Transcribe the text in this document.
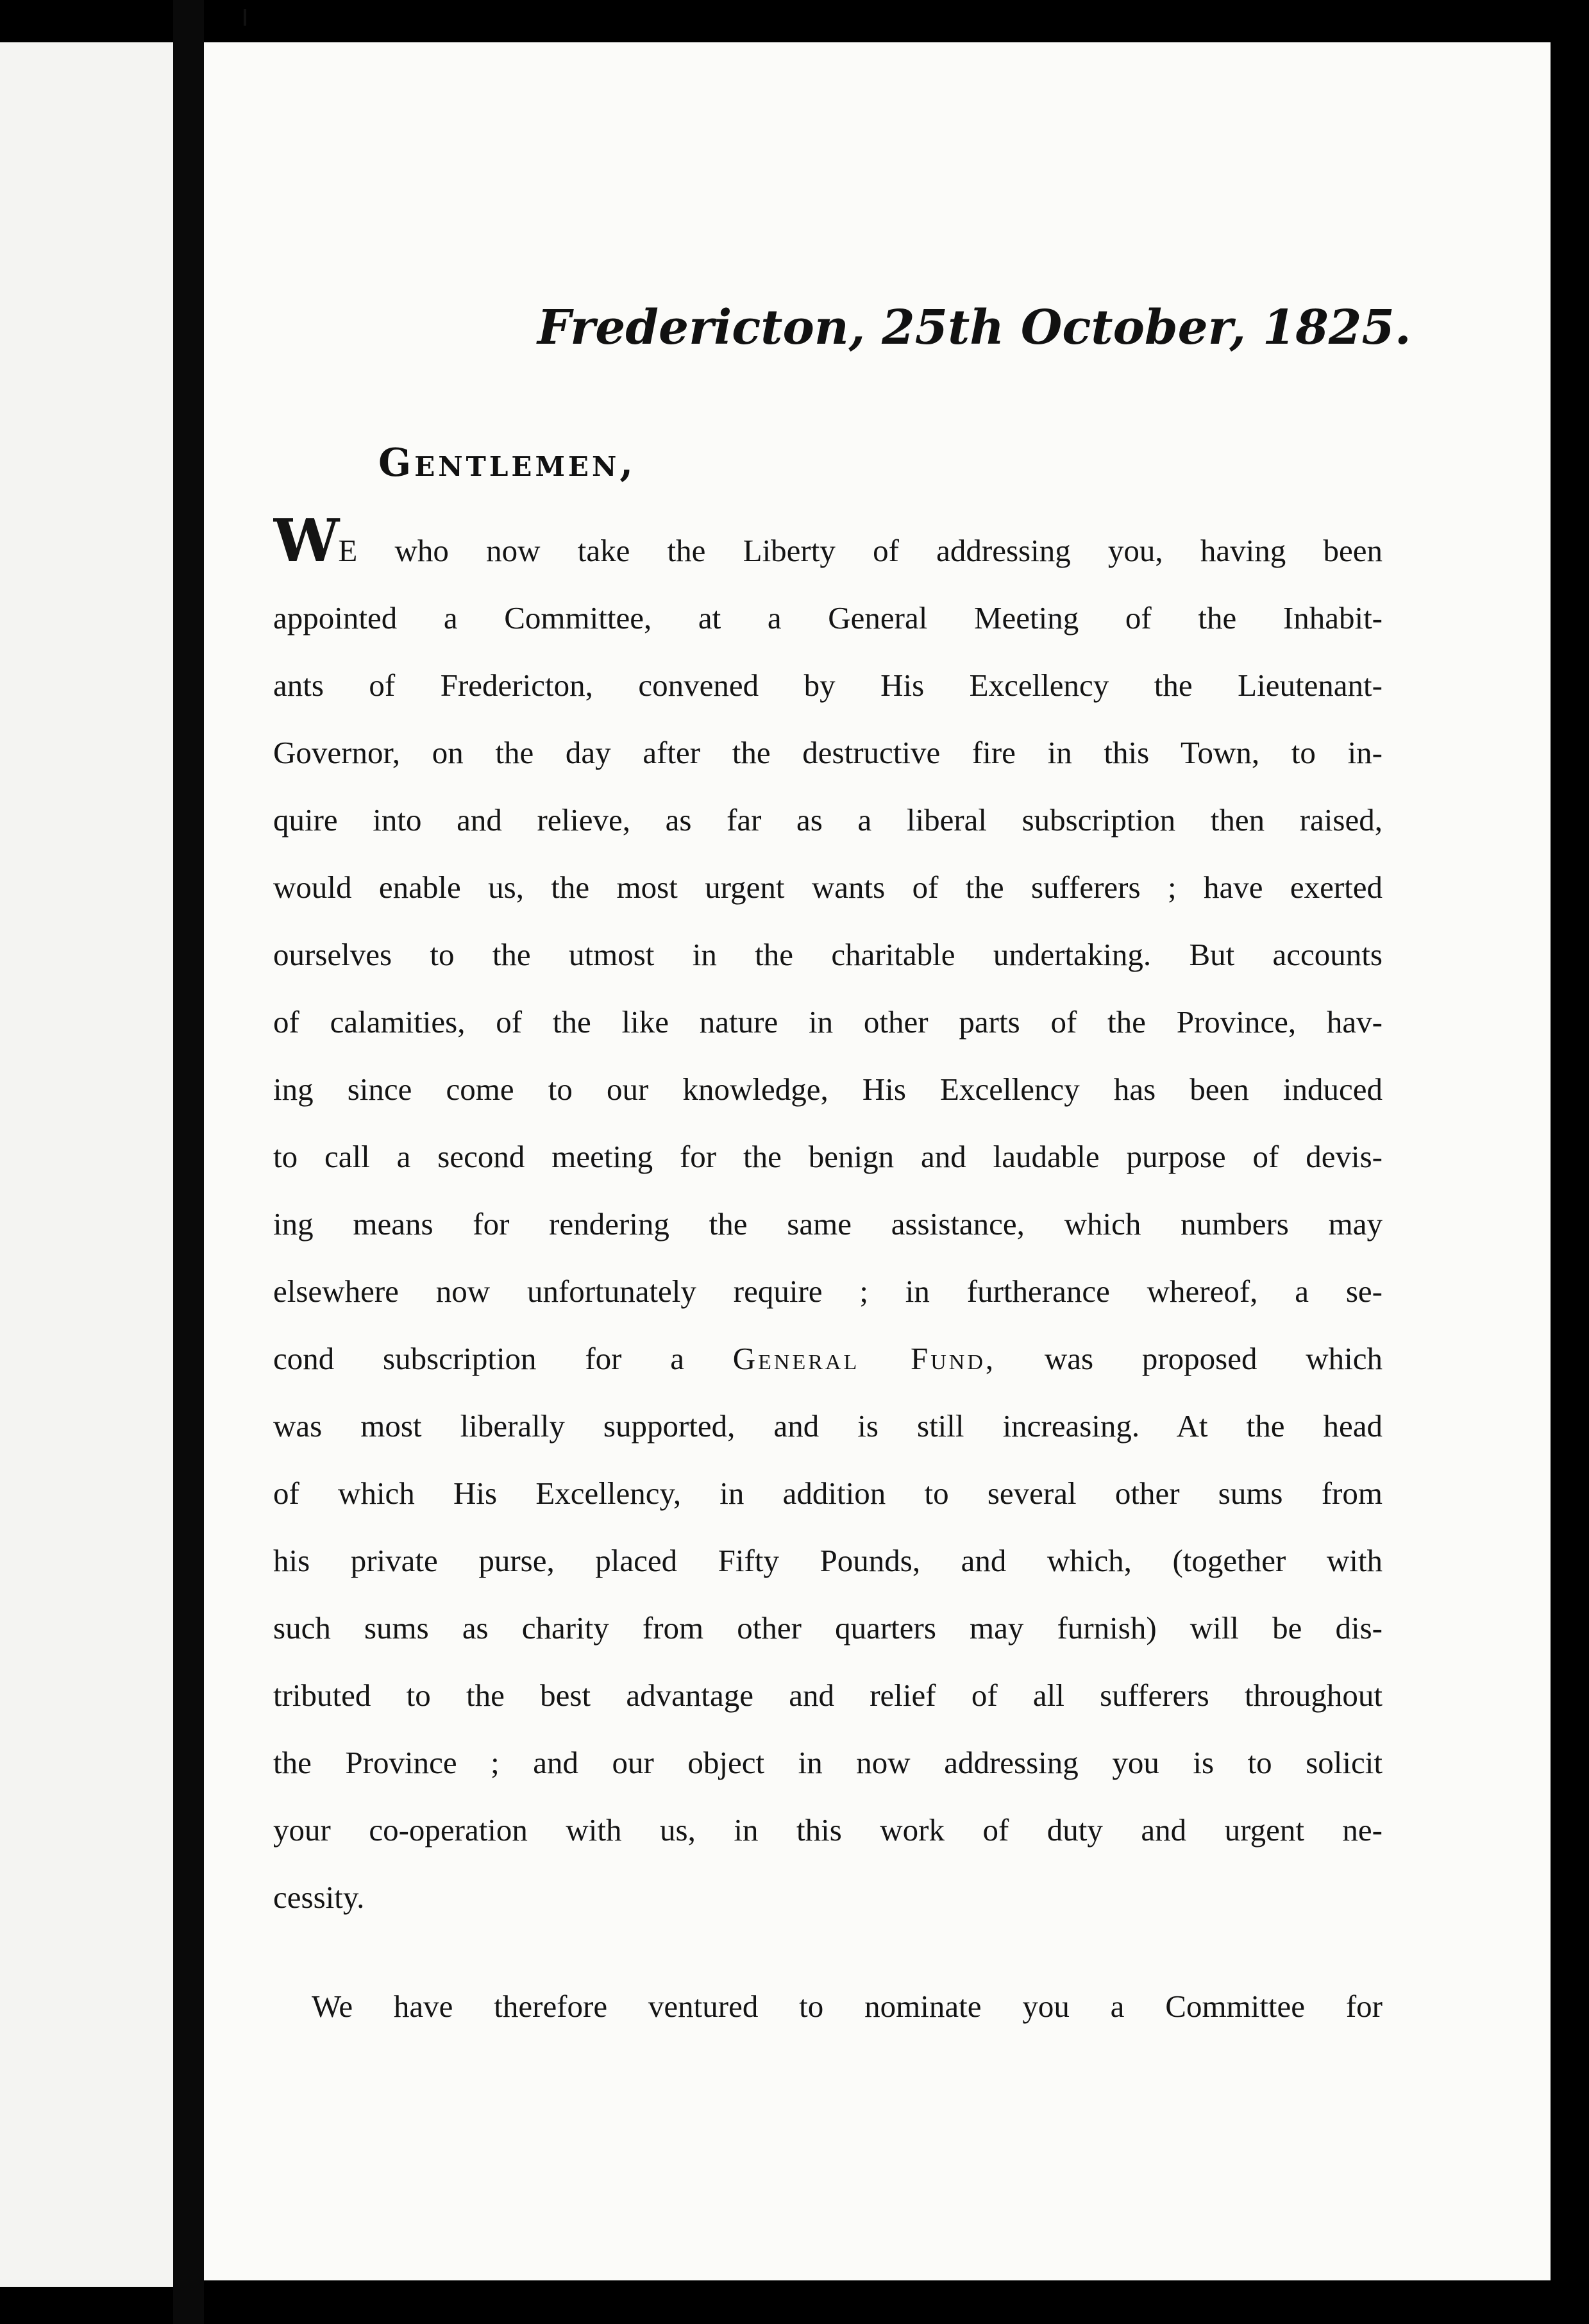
Fredericton, 25th October, 1825.
Gentlemen,
WE who now take the Liberty of addressing you, having been
appointed a Committee, at a General Meeting of the Inhabit-
ants of Fredericton, convened by His Excellency the Lieutenant-
Governor, on the day after the destructive fire in this Town, to in-
quire into and relieve, as far as a liberal subscription then raised,
would enable us, the most urgent wants of the sufferers ; have exerted
ourselves to the utmost in the charitable undertaking. But accounts
of calamities, of the like nature in other parts of the Province, hav-
ing since come to our knowledge, His Excellency has been induced
to call a second meeting for the benign and laudable purpose of devis-
ing means for rendering the same assistance, which numbers may
elsewhere now unfortunately require ; in furtherance whereof, a se-
cond subscription for a General Fund, was proposed which
was most liberally supported, and is still increasing. At the head
of which His Excellency, in addition to several other sums from
his private purse, placed Fifty Pounds, and which, (together with
such sums as charity from other quarters may furnish) will be dis-
tributed to the best advantage and relief of all sufferers throughout
the Province ; and our object in now addressing you is to solicit
your co-operation with us, in this work of duty and urgent ne-
cessity.
We have therefore ventured to nominate you a Committee for
